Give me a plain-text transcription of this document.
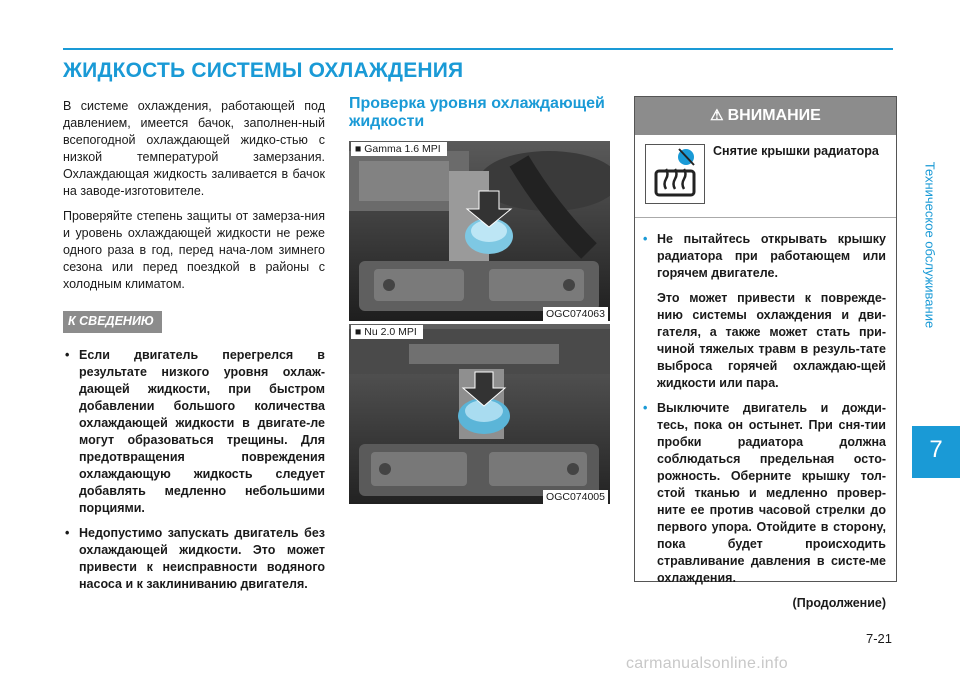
ЖИДКОСТЬ СИСТЕМЫ ОХЛАЖДЕНИЯ
Техническое обслуживание
7

В системе охлаждения, работающей под давлением, имеется бачок, заполнен-ный всепогодной охлаждающей жидко-стью с низкой температурой замерзания. Охлаждающая жидкость заливается в бачок на заводе-изготовителе.

Проверяйте степень защиты от замерза-ния и уровень охлаждающей жидкости не реже одного раза в год, перед нача-лом зимнего сезона или перед поездкой в районы с холодным климатом.

К СВЕДЕНИЮ
• Если двигатель перегрелся в результате низкого уровня охлаж-дающей жидкости, при быстром добавлении большого количества охлаждающей жидкости в двигате-ле могут образоваться трещины. Для предотвращения повреждения охлаждающую жидкость следует добавлять медленно небольшими порциями.
• Недопустимо запускать двигатель без охлаждающей жидкости. Это может привести к неисправности водяного насоса и к заклиниванию двигателя.
Проверка уровня охлаждающей жидкости
■ Gamma 1.6 MPI
OGC074063
■ Nu 2.0 MPI
OGC074005
⚠ ВНИМАНИЕ
Снятие крышки радиатора

• Не пытайтесь открывать крышку радиатора при работающем или горячем двигателе.

Это может привести к поврежде-нию системы охлаждения и дви-гателя, а также может стать при-чиной тяжелых травм в резуль-тате выброса горячей охлаждаю-щей жидкости или пара.

• Выключите двигатель и дожди-тесь, пока он остынет. При сня-тии пробки радиатора должна соблюдаться предельная осто-рожность. Оберните крышку тол-стой тканью и медленно провер-ните ее против часовой стрелки до первого упора. Отойдите в сторону, пока будет происходить стравливание давления в систе-ме охлаждения.

(Продолжение)

7-21
carmanualsonline.info
